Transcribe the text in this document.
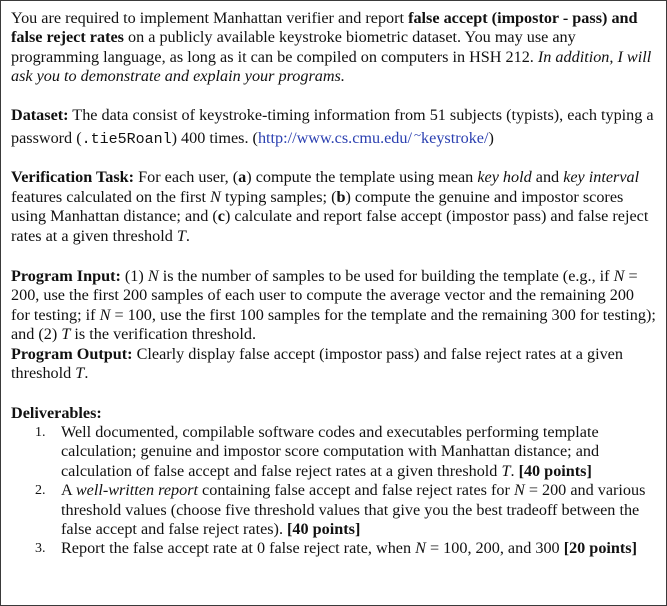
You are required to implement Manhattan verifier and report false accept (impostor - pass) and false reject rates on a publicly available keystroke biometric dataset. You may use any programming language, as long as it can be compiled on computers in HSH 212. In addition, I will ask you to demonstrate and explain your programs.

Dataset: The data consist of keystroke-timing information from 51 subjects (typists), each typing a password (.tie5Roanl) 400 times. (http://www.cs.cmu.edu/ ~keystroke/)

Verification Task: For each user, (a) compute the template using mean key hold and key interval features calculated on the first N typing samples; (b) compute the genuine and impostor scores using Manhattan distance; and (c) calculate and report false accept (impostor pass) and false reject rates at a given threshold T.

Program Input: (1) N is the number of samples to be used for building the template (e.g., if N = 200, use the first 200 samples of each user to compute the average vector and the remaining 200 for testing; if N = 100, use the first 100 samples for the template and the remaining 300 for testing); and (2) T is the verification threshold.

Program Output: Clearly display false accept (impostor pass) and false reject rates at a given threshold T.

Deliverables:

1. Well documented, compilable software codes and executables performing template calculation; genuine and impostor score computation with Manhattan distance; and calculation of false accept and false reject rates at a given threshold T. [40 points]
2. A well-written report containing false accept and false reject rates for N = 200 and various threshold values (choose five threshold values that give you the best tradeoff between the false accept and false reject rates). [40 points]
3. Report the false accept rate at 0 false reject rate, when N = 100, 200, and 300 [20 points]
